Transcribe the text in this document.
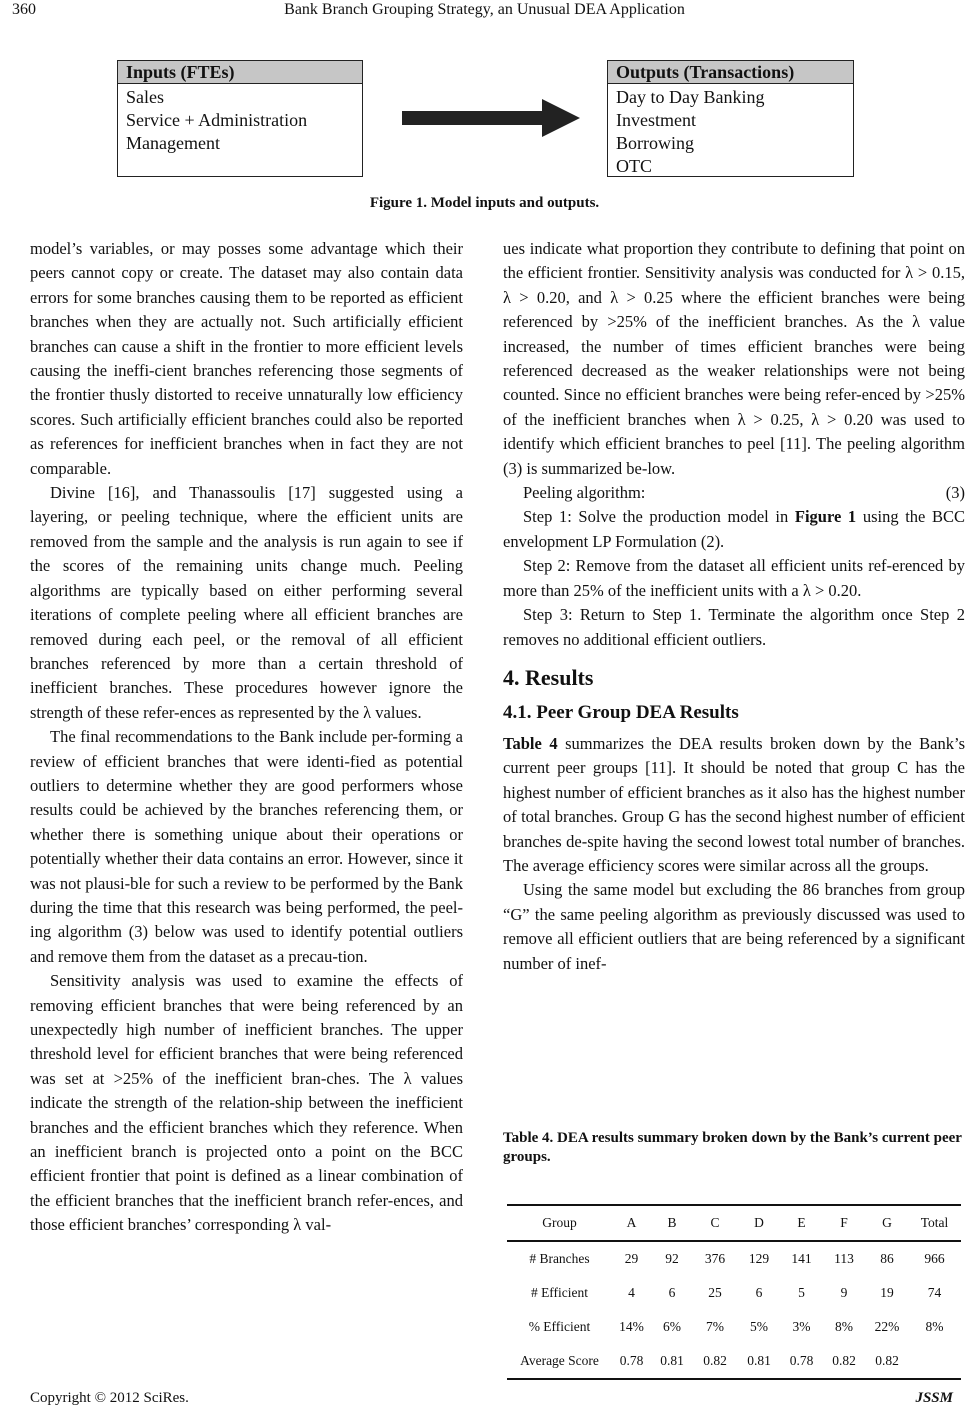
360	Bank Branch Grouping Strategy, an Unusual DEA Application
Inputs (FTEs)
Sales
Service + Administration
Management
Outputs (Transactions)
Day to Day Banking
Investment
Borrowing
OTC
Figure 1. Model inputs and outputs.

model’s variables, or may posses some advantage which their peers cannot copy or create. The dataset may also contain data errors for some branches causing them to be reported as efficient branches when they are actually not. Such artificially efficient branches can cause a shift in the frontier to more efficient levels causing the ineffi-cient branches referencing those segments of the frontier thusly distorted to receive unnaturally low efficiency scores. Such artificially efficient branches could also be reported as references for inefficient branches when in fact they are not comparable.

Divine [16], and Thanassoulis [17] suggested using a layering, or peeling technique, where the efficient units are removed from the sample and the analysis is run again to see if the scores of the remaining units change much. Peeling algorithms are typically based on either performing several iterations of complete peeling where all efficient branches are removed during each peel, or the removal of all efficient branches referenced by more than a certain threshold of inefficient branches. These procedures however ignore the strength of these refer-ences as represented by the λ values.

The final recommendations to the Bank include per-forming a review of efficient branches that were identi-fied as potential outliers to determine whether they are good performers whose results could be achieved by the branches referencing them, or whether there is something unique about their operations or potentially whether their data contains an error. However, since it was not plausi-ble for such a review to be performed by the Bank during the time that this research was being performed, the peel-ing algorithm (3) below was used to identify potential outliers and remove them from the dataset as a precau-tion.

Sensitivity analysis was used to examine the effects of removing efficient branches that were being referenced by an unexpectedly high number of inefficient branches. The upper threshold level for efficient branches that were being referenced was set at >25% of the inefficient bran-ches. The λ values indicate the strength of the relation-ship between the inefficient branches and the efficient branches which they reference. When an inefficient branch is projected onto a point on the BCC efficient frontier that point is defined as a linear combination of the efficient branches that the inefficient branch refer-ences, and those efficient branches’ corresponding λ val-

ues indicate what proportion they contribute to defining that point on the efficient frontier. Sensitivity analysis was conducted for λ > 0.15, λ > 0.20, and λ > 0.25 where the efficient branches were being referenced by >25% of the inefficient branches. As the λ value increased, the number of times efficient branches were being referenced decreased as the weaker relationships were not being counted. Since no efficient branches were being refer-enced by >25% of the inefficient branches when λ > 0.25, λ > 0.20 was used to identify which efficient branches to peel [11]. The peeling algorithm (3) is summarized be-low.

Peeling algorithm:	(3)

Step 1: Solve the production model in Figure 1 using the BCC envelopment LP Formulation (2).

Step 2: Remove from the dataset all efficient units ref-erenced by more than 25% of the inefficient units with a λ > 0.20.

Step 3: Return to Step 1. Terminate the algorithm once Step 2 removes no additional efficient outliers.

4. Results
4.1. Peer Group DEA Results

Table 4 summarizes the DEA results broken down by the Bank’s current peer groups [11]. It should be noted that group C has the highest number of efficient branches as it also has the highest number of total branches. Group G has the second highest number of efficient branches de-spite having the second lowest total number of branches. The average efficiency scores were similar across all the groups.

Using the same model but excluding the 86 branches from group “G” the same peeling algorithm as previously discussed was used to remove all efficient outliers that are being referenced by a significant number of inef-

Table 4. DEA results summary broken down by the Bank’s current peer groups.
Group	A	B	C	D	E	F	G	Total
# Branches	29	92	376	129	141	113	86	966
# Efficient	4	6	25	6	5	9	19	74
% Efficient	14%	6%	7%	5%	3%	8%	22%	8%
Average Score	0.78	0.81	0.82	0.81	0.78	0.82	0.82	
Copyright © 2012 SciRes.	JSSM
